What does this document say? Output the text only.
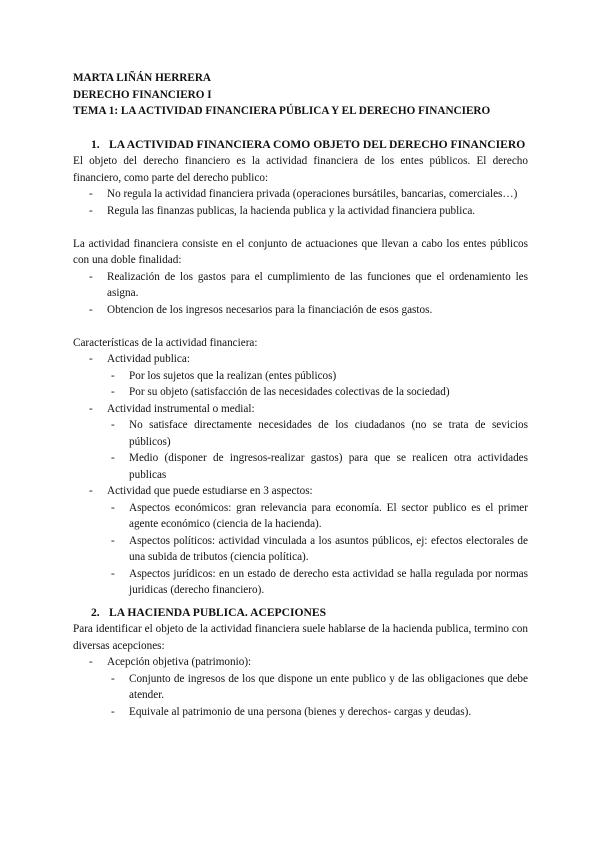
MARTA LIÑÁN HERRERA
DERECHO FINANCIERO I
TEMA 1: LA ACTIVIDAD FINANCIERA PÚBLICA Y EL DERECHO FINANCIERO
1. LA ACTIVIDAD FINANCIERA COMO OBJETO DEL DERECHO FINANCIERO
El objeto del derecho financiero es la actividad financiera de los entes públicos. El derecho financiero, como parte del derecho publico:
-	No regula la actividad financiera privada (operaciones bursátiles, bancarias, comerciales…)
-	Regula las finanzas publicas, la hacienda publica y la actividad financiera publica.
La actividad financiera consiste en el conjunto de actuaciones que llevan a cabo los entes públicos con una doble finalidad:
-	Realización de los gastos para el cumplimiento de las funciones que el ordenamiento les asigna.
-	Obtencion de los ingresos necesarios para la financiación de esos gastos.
Características de la actividad financiera:
-	Actividad publica:
-	Por los sujetos que la realizan (entes públicos)
-	Por su objeto (satisfacción de las necesidades colectivas de la sociedad)
-	Actividad instrumental o medial:
-	No satisface directamente necesidades de los ciudadanos (no se trata de sevicios públicos)
-	Medio (disponer de ingresos-realizar gastos) para que se realicen otra actividades publicas
-	Actividad que puede estudiarse en 3 aspectos:
-	Aspectos económicos: gran relevancia para economía. El sector publico es el primer agente económico (ciencia de la hacienda).
-	Aspectos políticos: actividad vinculada a los asuntos públicos, ej: efectos electorales de una subida de tributos (ciencia política).
-	Aspectos jurídicos: en un estado de derecho esta actividad se halla regulada por normas juridicas (derecho financiero).
2. LA HACIENDA PUBLICA. ACEPCIONES
Para identificar el objeto de la actividad financiera suele hablarse de la hacienda publica, termino con diversas acepciones:
-	Acepción objetiva (patrimonio):
-	Conjunto de ingresos de los que dispone un ente publico y de las obligaciones que debe atender.
-	Equivale al patrimonio de una persona (bienes y derechos- cargas y deudas).
